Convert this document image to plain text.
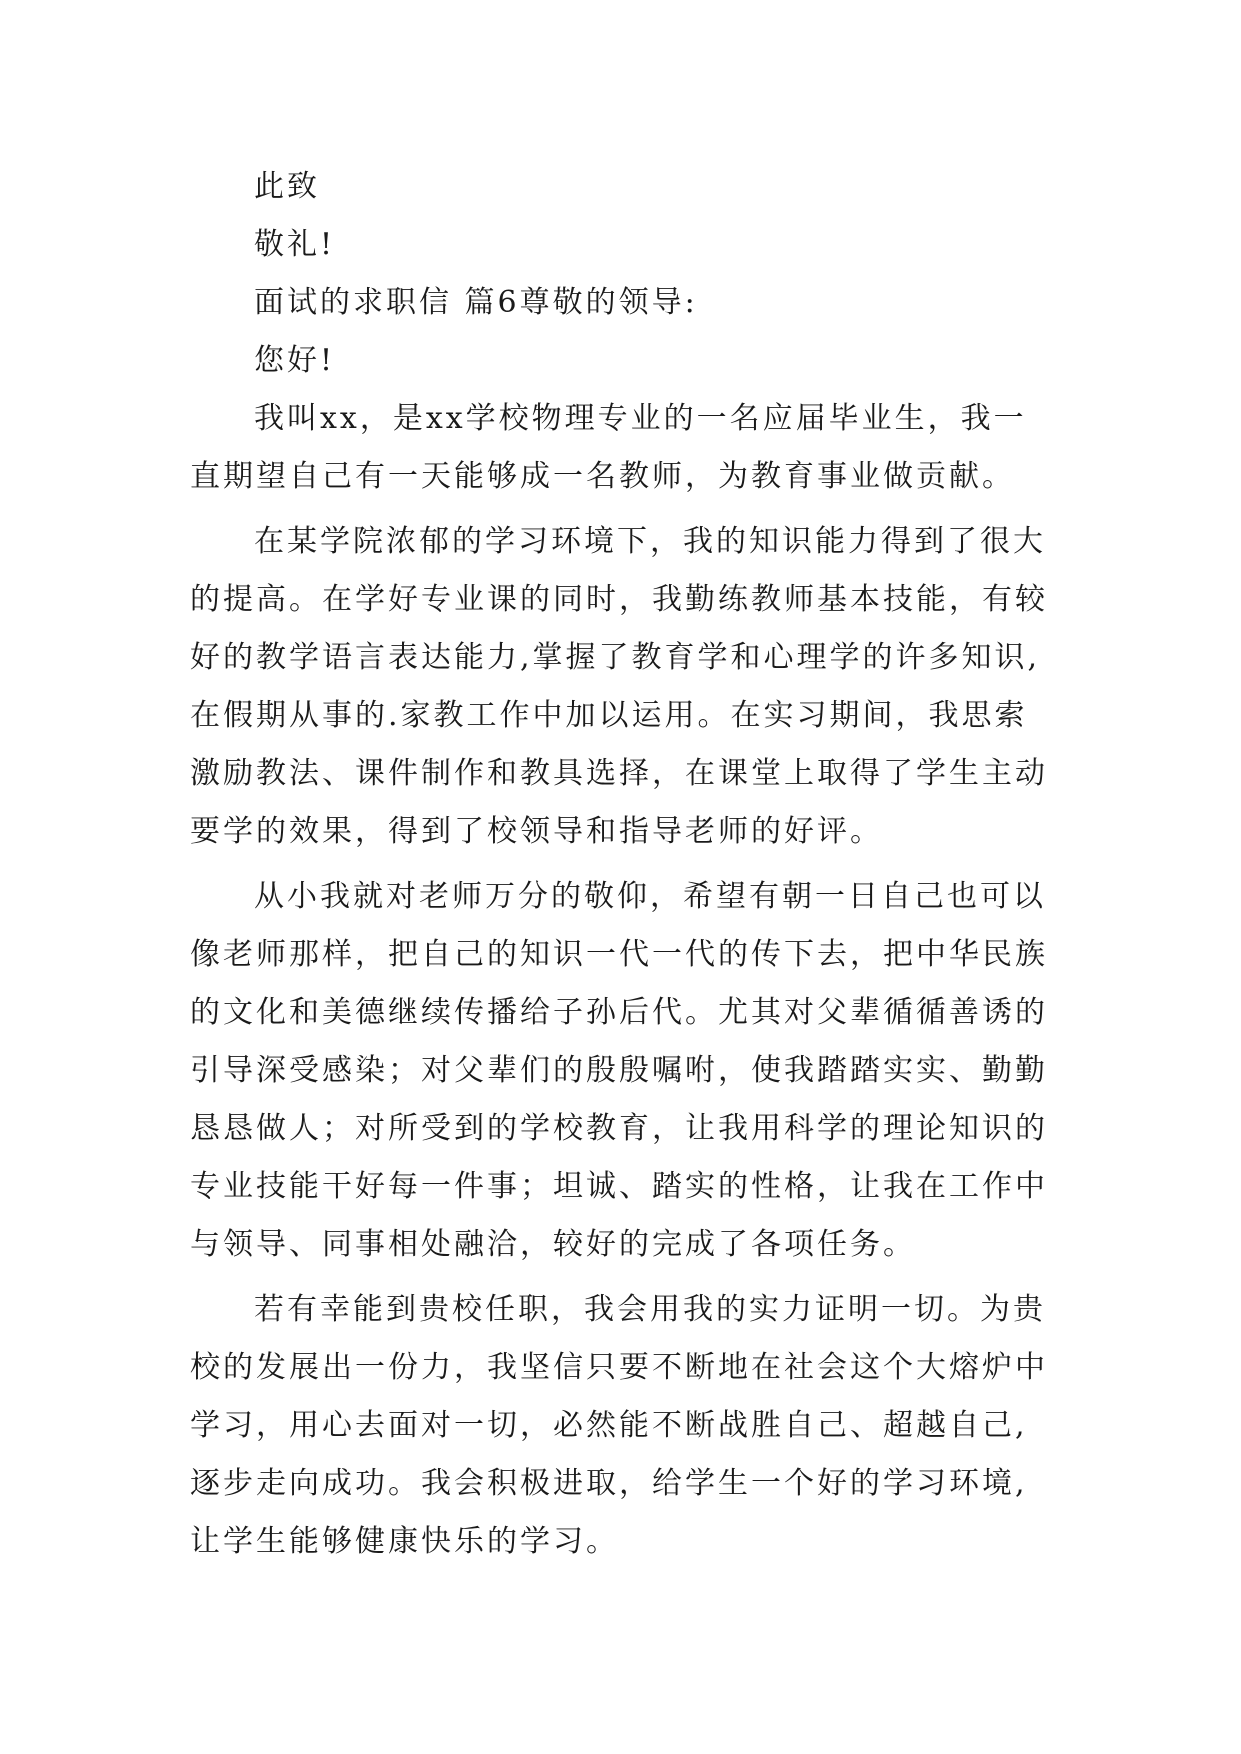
此致
敬礼!
面试的求职信 篇6尊敬的领导:
您好!
我叫xx，是xx学校物理专业的一名应届毕业生，我一
直期望自己有一天能够成一名教师，为教育事业做贡献。
在某学院浓郁的学习环境下，我的知识能力得到了很大
的提高。在学好专业课的同时，我勤练教师基本技能，有较
好的教学语言表达能力,掌握了教育学和心理学的许多知识,
在假期从事的.家教工作中加以运用。在实习期间，我思索
激励教法、课件制作和教具选择，在课堂上取得了学生主动
要学的效果，得到了校领导和指导老师的好评。
从小我就对老师万分的敬仰，希望有朝一日自己也可以
像老师那样，把自己的知识一代一代的传下去，把中华民族
的文化和美德继续传播给子孙后代。尤其对父辈循循善诱的
引导深受感染；对父辈们的殷殷嘱咐，使我踏踏实实、勤勤
恳恳做人；对所受到的学校教育，让我用科学的理论知识的
专业技能干好每一件事；坦诚、踏实的性格，让我在工作中
与领导、同事相处融洽，较好的完成了各项任务。
若有幸能到贵校任职，我会用我的实力证明一切。为贵
校的发展出一份力，我坚信只要不断地在社会这个大熔炉中
学习，用心去面对一切，必然能不断战胜自己、超越自己,
逐步走向成功。我会积极进取，给学生一个好的学习环境,
让学生能够健康快乐的学习。
